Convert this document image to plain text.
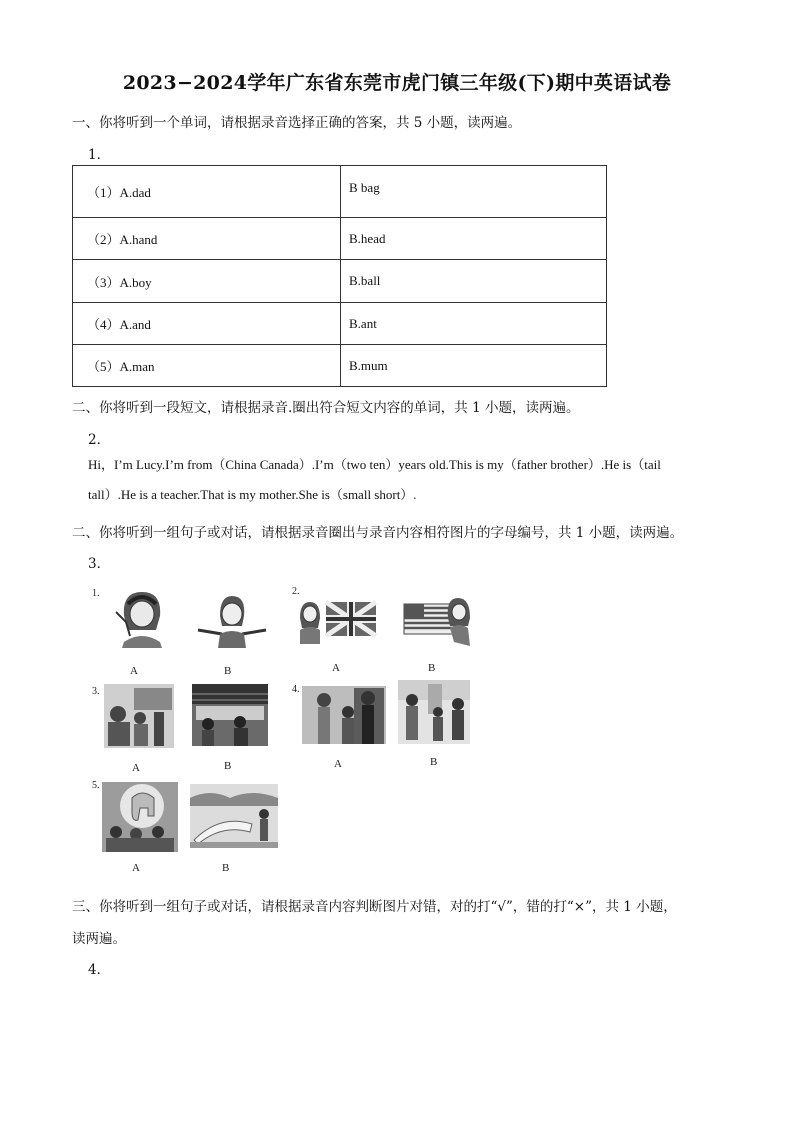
2023−2024学年广东省东莞市虎门镇三年级(下)期中英语试卷
一、你将听到一个单词，请根据录音选择正确的答案，共 5 小题，读两遍。
1．
（1）A.dad	B bag
（2）A.hand	B.head
（3）A.boy	B.ball
（4）A.and	B.ant
（5）A.man	B.mum
二、你将听到一段短文，请根据录音.圈出符合短文内容的单词，共 1 小题，读两遍。
2．
Hi，I’m Lucy.I’m from（China Canada）.I’m（two ten）years old.This is my（father brother）.He is（tail
tall）.He is a teacher.That is my mother.She is（small short）.
二、你将听到一组句子或对话，请根据录音圈出与录音内容相符图片的字母编号，共 1 小题，读两遍。
3．
1.
A	B
2.
A	B
3.
A	B
4.
A	B
5.
A	B
三、你将听到一组句子或对话，请根据录音内容判断图片对错，对的打“√”，错的打“×”，共 1 小题，
读两遍。
4．
